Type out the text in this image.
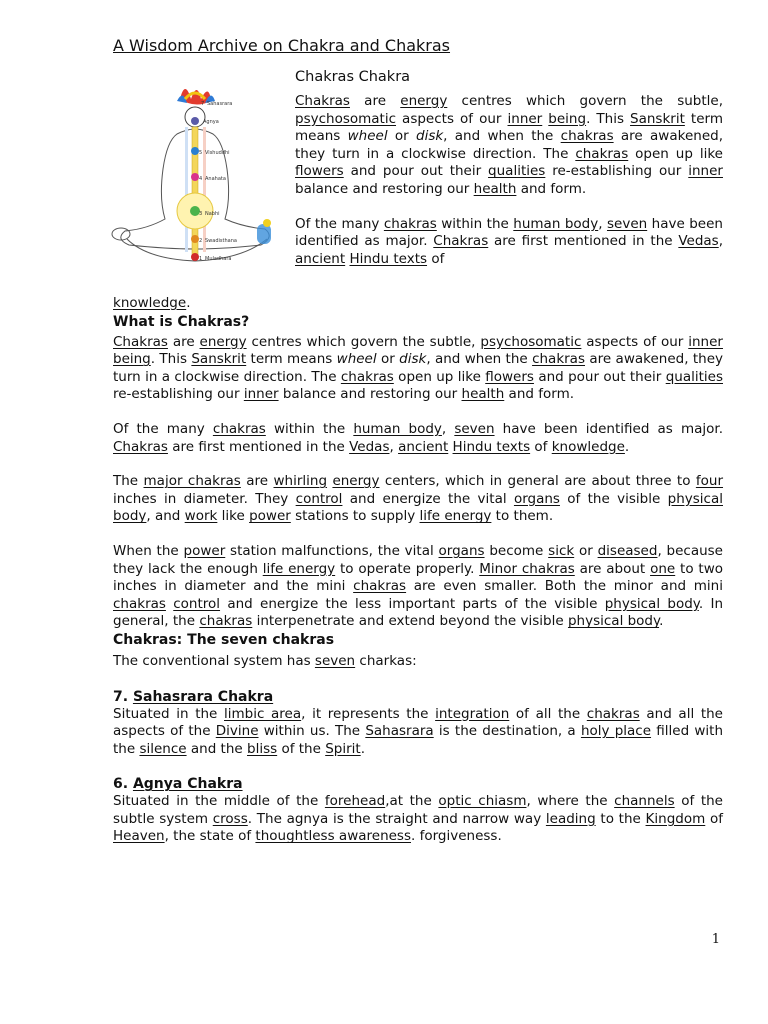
A Wisdom Archive on Chakra and Chakras
Sahasrara
Agnya
Vishuddhi
Anahata
Nabhi
Swadisthana
Muladhara
7
5
4
3
2
1
Chakras Chakra

Chakras are energy centres which govern the subtle, psychosomatic aspects of our inner being. This Sanskrit term means wheel or disk, and when the chakras are awakened, they turn in a clockwise direction. The chakras open up like flowers and pour out their qualities re-establishing our inner balance and restoring our health and form.

Of the many chakras within the human body, seven have been identified as major. Chakras are first mentioned in the Vedas, ancient Hindu texts of

knowledge.

What is Chakras?

Chakras are energy centres which govern the subtle, psychosomatic aspects of our inner being. This Sanskrit term means wheel or disk, and when the chakras are awakened, they turn in a clockwise direction. The chakras open up like flowers and pour out their qualities re-establishing our inner balance and restoring our health and form.

Of the many chakras within the human body, seven have been identified as major. Chakras are first mentioned in the Vedas, ancient Hindu texts of knowledge.

The major chakras are whirling energy centers, which in general are about three to four inches in diameter. They control and energize the vital organs of the visible physical body, and work like power stations to supply life energy to them.

When the power station malfunctions, the vital organs become sick or diseased, because they lack the enough life energy to operate properly. Minor chakras are about one to two inches in diameter and the mini chakras are even smaller. Both the minor and mini chakras control and energize the less important parts of the visible physical body. In general, the chakras interpenetrate and extend beyond the visible physical body.

Chakras: The seven chakras

The conventional system has seven charkas:

7. Sahasrara Chakra

Situated in the limbic area, it represents the integration of all the chakras and all the aspects of the Divine within us. The Sahasrara is the destination, a holy place filled with the silence and the bliss of the Spirit.

6. Agnya Chakra

Situated in the middle of the forehead,at the optic chiasm, where the channels of the subtle system cross. The agnya is the straight and narrow way leading to the Kingdom of Heaven, the state of thoughtless awareness. forgiveness.

1
